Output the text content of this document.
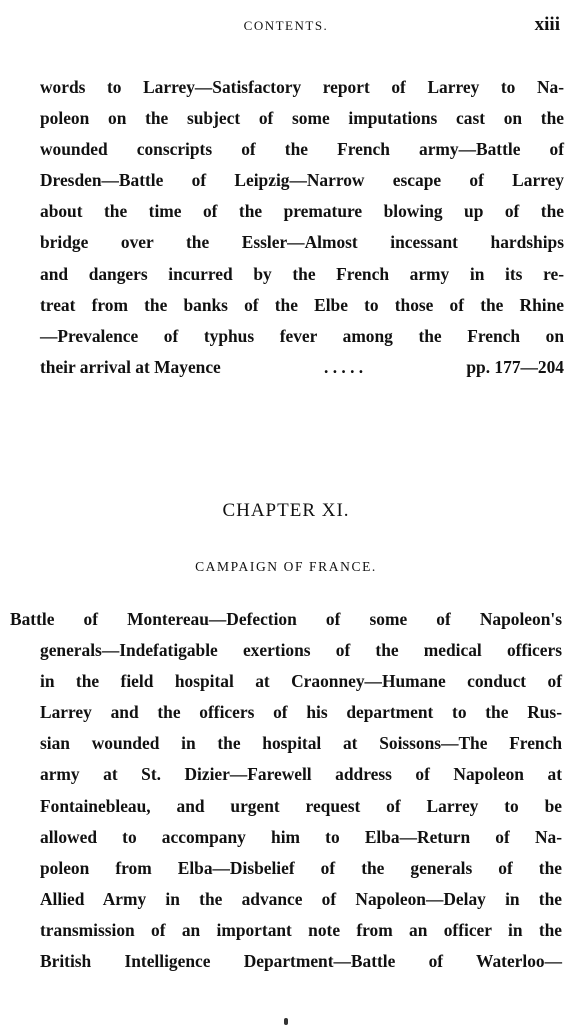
CONTENTS.	xiii
words to Larrey—Satisfactory report of Larrey to Na-
poleon on the subject of some imputations cast on the
wounded conscripts of the French army—Battle of
Dresden—Battle of Leipzig—Narrow escape of Larrey
about the time of the premature blowing up of the
bridge over the Essler—Almost incessant hardships
and dangers incurred by the French army in its re-
treat from the banks of the Elbe to those of the Rhine
—Prevalence of typhus fever among the French on
their arrival at Mayence	. . . . .	pp. 177—204
CHAPTER XI.
CAMPAIGN OF FRANCE.
Battle of Montereau—Defection of some of Napoleon's
generals—Indefatigable exertions of the medical officers
in the field hospital at Craonney—Humane conduct of
Larrey and the officers of his department to the Rus-
sian wounded in the hospital at Soissons—The French
army at St. Dizier—Farewell address of Napoleon at
Fontainebleau, and urgent request of Larrey to be
allowed to accompany him to Elba—Return of Na-
poleon from Elba—Disbelief of the generals of the
Allied Army in the advance of Napoleon—Delay in the
transmission of an important note from an officer in the
British Intelligence Department—Battle of Waterloo—
